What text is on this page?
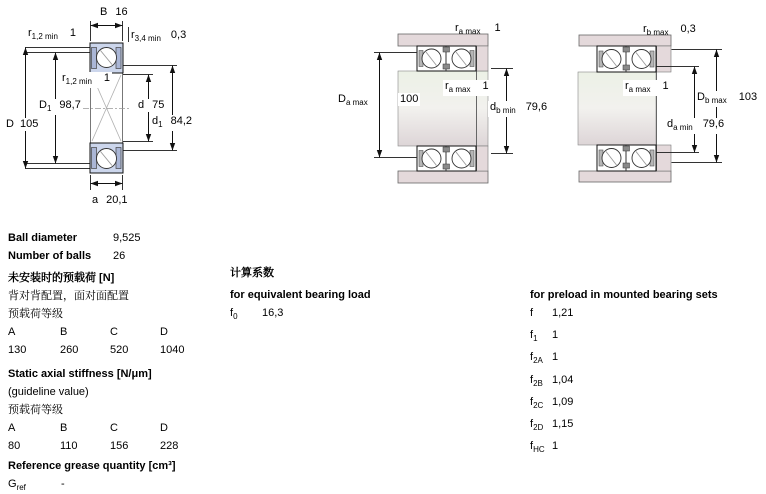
B 16
$r_{1,2 min}$ 1	$r_{3,4 min}$ 0,3
$r_{1,2 min}$ 1
$D_1$ 98,7	d 75
D 105	$d_1$ 84,2
a 20,1
$r_{a max}$ 1
$D_{a max}$	100
$r_{a max}$ 1
$d_{b min}$ 79,6
$r_{b max}$ 0,3
$r_{a max}$ 1
$D_{b max}$ 103
$d_{a min}$ 79,6
Ball diameter	9,525
Number of balls 26
未安装时的预载荷 [N]
背对背配置，面对面配置
预载荷等级
A	B	C	D
130	260	520	1040
Static axial stiffness [N/μm]
(guideline value)
预载荷等级
A	B	C	D
80	110	156	228
Reference grease quantity [cm³]
$G_{ref}$	-
计算系数
for equivalent bearing load
$f_0$ 16,3
for preload in mounted bearing sets
f 1,21
$f_1$ 1
$f_{2A}$ 1
$f_{2B}$ 1,04
$f_{2C}$ 1,09
$f_{2D}$ 1,15
$f_{HC}$ 1
